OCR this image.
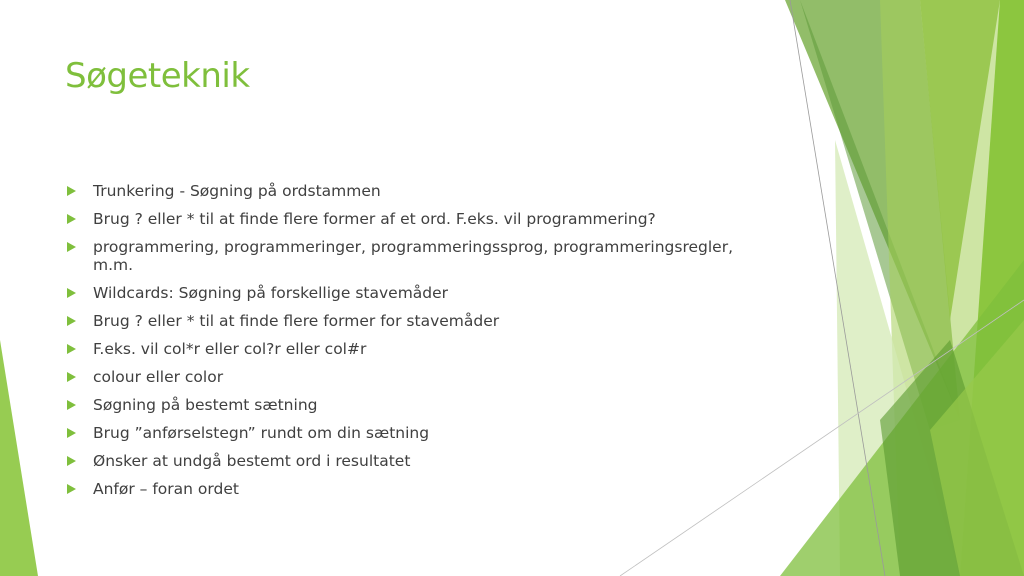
Søgeteknik
Trunkering - Søgning på ordstammen
Brug ? eller * til at finde flere former af et ord. F.eks. vil programmering?
programmering, programmeringer, programmeringssprog, programmeringsregler, m.m.
Wildcards: Søgning på forskellige stavemåder
Brug ? eller * til at finde flere former for stavemåder
F.eks. vil col*r eller col?r eller col#r
colour eller color
Søgning på bestemt sætning
Brug ”anførselstegn” rundt om din sætning
Ønsker at undgå bestemt ord i resultatet
Anfør – foran ordet
